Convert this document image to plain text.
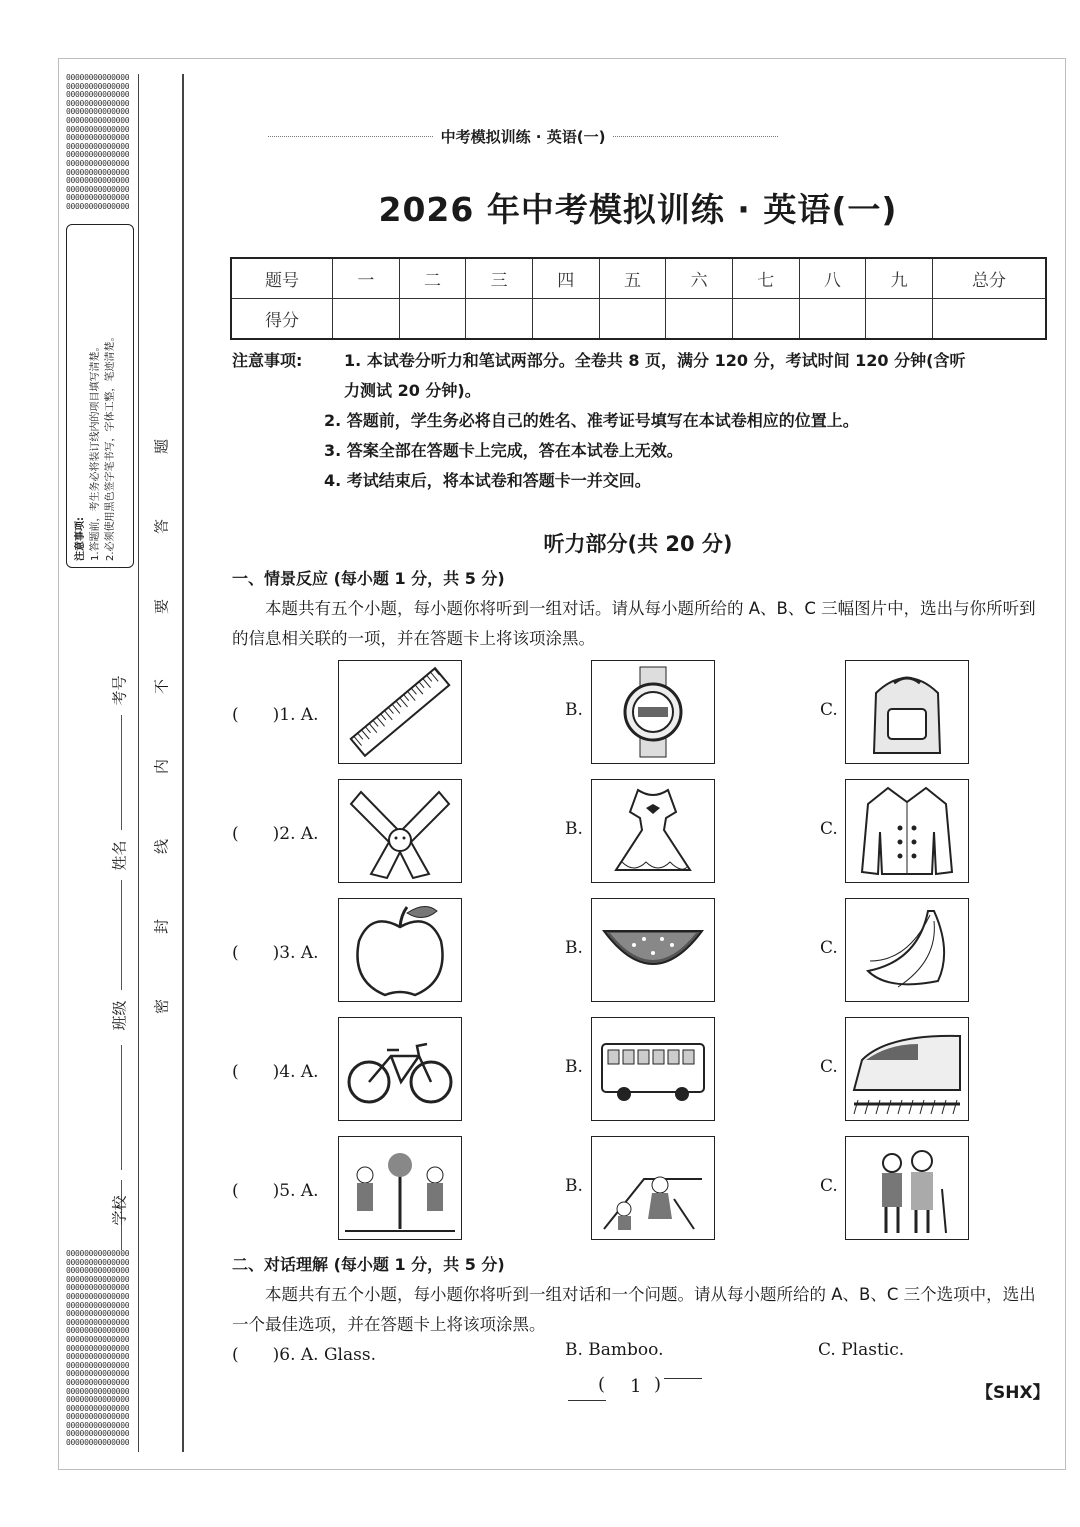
00000000000000
00000000000000
00000000000000
00000000000000
00000000000000
00000000000000
00000000000000
00000000000000
00000000000000
00000000000000
00000000000000
00000000000000
00000000000000
00000000000000
00000000000000
00000000000000

00000000000000
00000000000000
00000000000000
00000000000000
00000000000000
00000000000000
00000000000000
00000000000000
00000000000000
00000000000000
00000000000000
00000000000000
00000000000000
00000000000000
00000000000000
00000000000000
00000000000000
00000000000000
00000000000000
00000000000000
00000000000000
00000000000000
00000000000000

注意事项: 1.答题前，考生务必将装订线内的项目填写清楚。 2.必须使用黑色签字笔书写，字体工整，笔迹清楚。
学校
班级
姓名
考号
题
答
要
不
内
线
封
密
中考模拟训练 · 英语(一)
2026 年中考模拟训练 · 英语(一)
题号	一	二	三	四	五	六	七	八	九	总分
得分										
注意事项:	1. 本试卷分听力和笔试两部分。全卷共 8 页，满分 120 分，考试时间 120 分钟(含听
力测试 20 分钟)。
2. 答题前，学生务必将自己的姓名、准考证号填写在本试卷相应的位置上。
3. 答案全部在答题卡上完成，答在本试卷上无效。
4. 考试结束后，将本试卷和答题卡一并交回。
听力部分(共 20 分)
一、情景反应 (每小题 1 分，共 5 分)
本题共有五个小题，每小题你将听到一组对话。请从每小题所给的 A、B、C 三幅图片中，选出与你所听到的信息相关联的一项，并在答题卡上将该项涂黑。
(　　)1. A.	B.	C.
(　　)2. A.	B.	C.
(　　)3. A.	B.	C.
(　　)4. A.	B.	C.
(　　)5. A.	B.	C.
二、对话理解 (每小题 1 分，共 5 分)
本题共有五个小题，每小题你将听到一组对话和一个问题。请从每小题所给的 A、B、C 三个选项中，选出一个最佳选项，并在答题卡上将该项涂黑。
(　　)6. A. Glass.	B. Bamboo.	C. Plastic.
( 1 )	【SHX】
